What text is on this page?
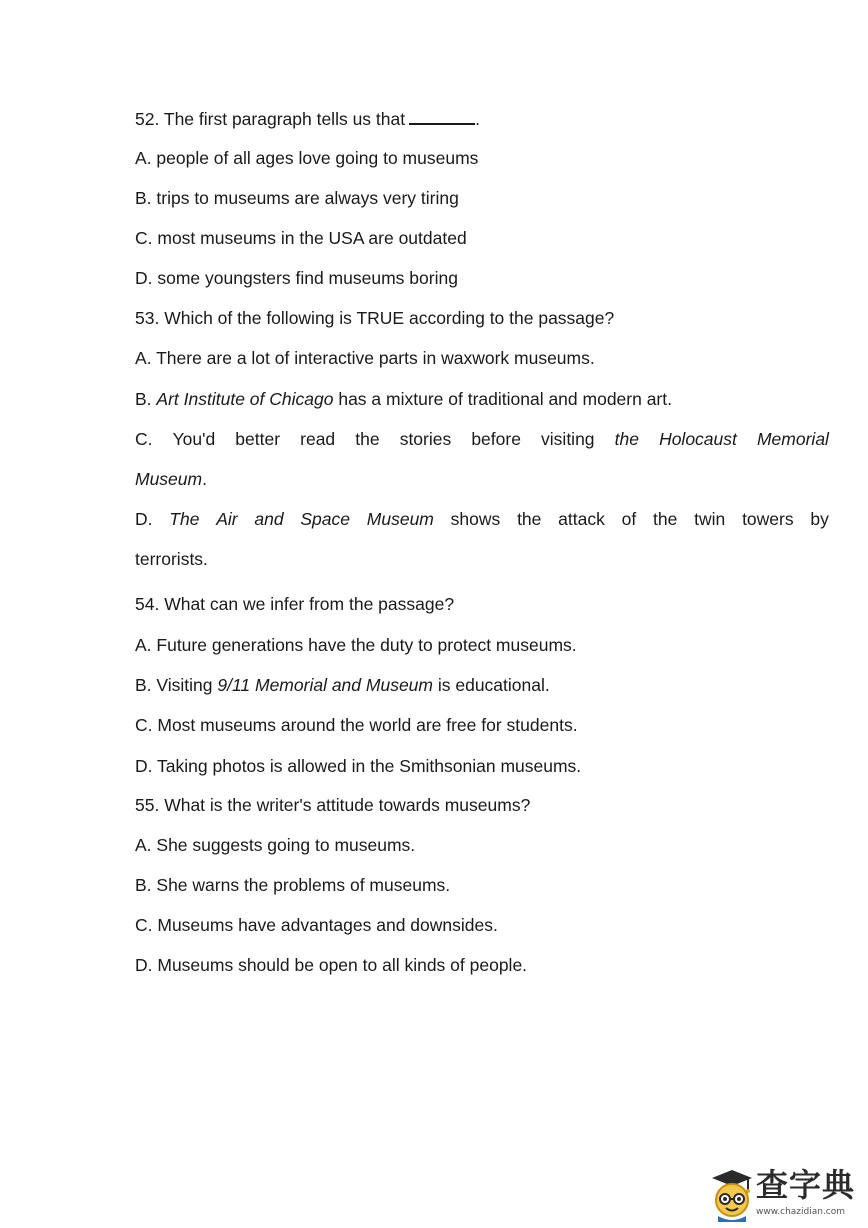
52. The first paragraph tells us that	.
A. people of all ages love going to museums
B. trips to museums are always very tiring
C. most museums in the USA are outdated
D. some youngsters find museums boring
53. Which of the following is TRUE according to the passage?
A. There are a lot of interactive parts in waxwork museums.
B. Art Institute of Chicago has a mixture of traditional and modern art.
C. You'd better read the stories before visiting the Holocaust Memorial
Museum.
D. The Air and Space Museum shows the attack of the twin towers by
terrorists.
54. What can we infer from the passage?
A. Future generations have the duty to protect museums.
B. Visiting 9/11 Memorial and Museum is educational.
C. Most museums around the world are free for students.
D. Taking photos is allowed in the Smithsonian museums.
55. What is the writer's attitude towards museums?
A. She suggests going to museums.
B. She warns the problems of museums.
C. Museums have advantages and downsides.
D. Museums should be open to all kinds of people.
查字典
www.chazidian.com
